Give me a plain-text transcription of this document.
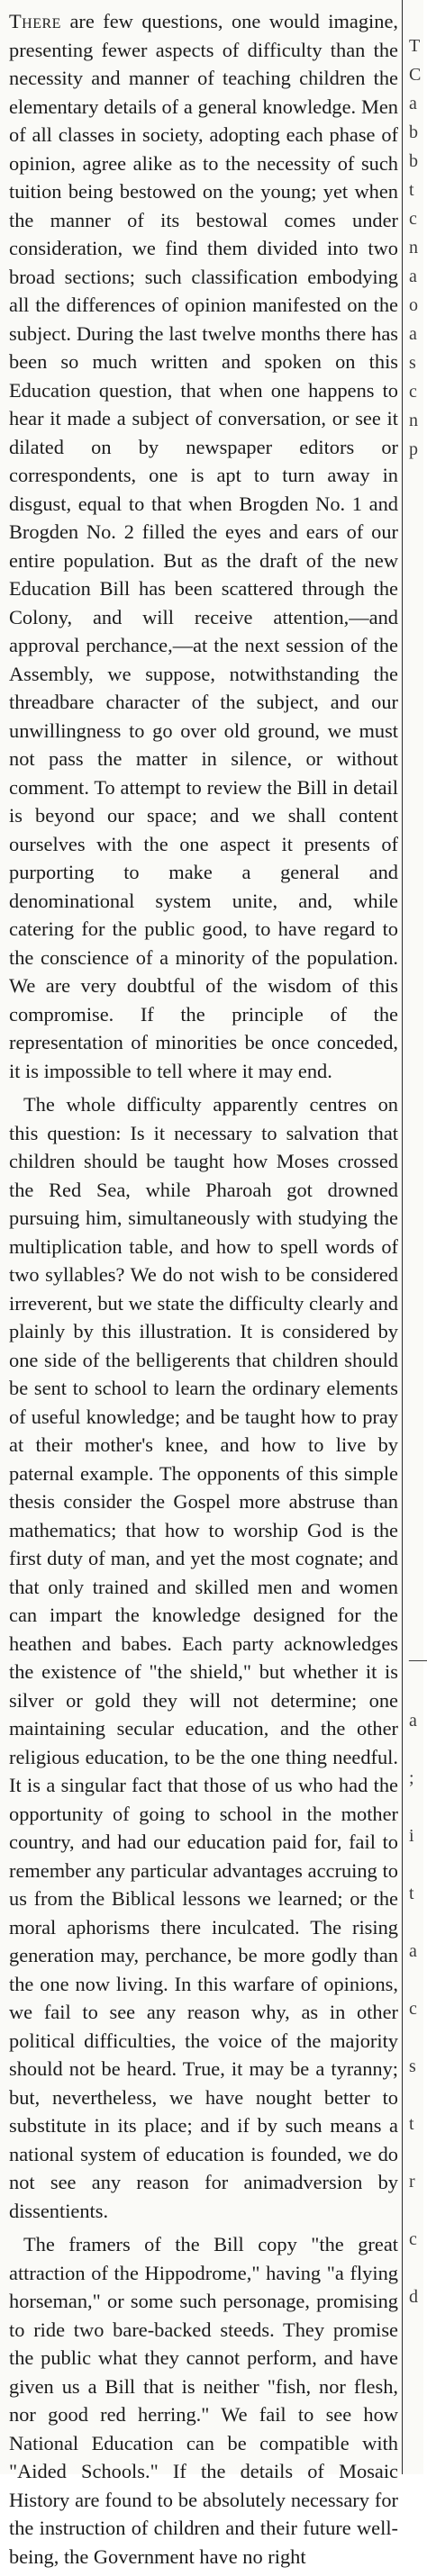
There are few questions, one would imagine, presenting fewer aspects of difficulty than the necessity and manner of teaching children the elementary details of a general knowledge. Men of all classes in society, adopting each phase of opinion, agree alike as to the necessity of such tuition being bestowed on the young; yet when the manner of its bestowal comes under consideration, we find them divided into two broad sections; such classification embodying all the differences of opinion manifested on the subject. During the last twelve months there has been so much written and spoken on this Education question, that when one happens to hear it made a subject of conversation, or see it dilated on by newspaper editors or correspondents, one is apt to turn away in disgust, equal to that when Brogden No. 1 and Brogden No. 2 filled the eyes and ears of our entire population. But as the draft of the new Education Bill has been scattered through the Colony, and will receive attention,—and approval perchance,—at the next session of the Assembly, we suppose, notwithstanding the threadbare character of the subject, and our unwillingness to go over old ground, we must not pass the matter in silence, or without comment. To attempt to review the Bill in detail is beyond our space; and we shall content ourselves with the one aspect it presents of purporting to make a general and denominational system unite, and, while catering for the public good, to have regard to the conscience of a minority of the population. We are very doubtful of the wisdom of this compromise. If the principle of the representation of minorities be once conceded, it is impossible to tell where it may end.

The whole difficulty apparently centres on this question: Is it necessary to salvation that children should be taught how Moses crossed the Red Sea, while Pharoah got drowned pursuing him, simultaneously with studying the multiplication table, and how to spell words of two syllables? We do not wish to be considered irreverent, but we state the difficulty clearly and plainly by this illustration. It is considered by one side of the belligerents that children should be sent to school to learn the ordinary elements of useful knowledge; and be taught how to pray at their mother's knee, and how to live by paternal example. The opponents of this simple thesis consider the Gospel more abstruse than mathematics; that how to worship God is the first duty of man, and yet the most cognate; and that only trained and skilled men and women can impart the knowledge designed for the heathen and babes. Each party acknowledges the existence of "the shield," but whether it is silver or gold they will not determine; one maintaining secular education, and the other religious education, to be the one thing needful. It is a singular fact that those of us who had the opportunity of going to school in the mother country, and had our education paid for, fail to remember any particular advantages accruing to us from the Biblical lessons we learned; or the moral aphorisms there inculcated. The rising generation may, perchance, be more godly than the one now living. In this warfare of opinions, we fail to see any reason why, as in other political difficulties, the voice of the majority should not be heard. True, it may be a tyranny; but, nevertheless, we have nought better to substitute in its place; and if by such means a national system of education is founded, we do not see any reason for animadversion by dissentients.

The framers of the Bill copy "the great attraction of the Hippodrome," having "a flying horseman," or some such personage, promising to ride two bare-backed steeds. They promise the public what they cannot perform, and have given us a Bill that is neither "fish, nor flesh, nor good red herring." We fail to see how National Education can be compatible with "Aided Schools." If the details of Mosaic History are found to be absolutely necessary for the instruction of children and their future well-being, the Government have no right

T
C
a
b
b
t
c
n
a
o
a
s
c
n
p
—
a
;
i
t
a
c
s
t
r
c
d
